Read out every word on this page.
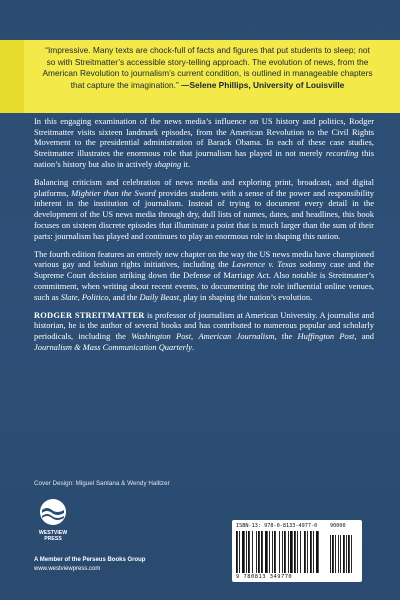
“Impressive. Many texts are chock-full of facts and figures that put students to sleep; not so with Streitmatter’s accessible story-telling approach. The evolution of news, from the American Revolution to journalism’s current condition, is outlined in manageable chapters that capture the imagination.” —Selene Phillips, University of Louisville

In this engaging examination of the news media’s influence on US history and politics, Rodger Streitmatter visits sixteen landmark episodes, from the American Revolution to the Civil Rights Movement to the presidential administration of Barack Obama. In each of these case studies, Streitmatter illustrates the enormous role that journalism has played in not merely recording this nation’s history but also in actively shaping it.

Balancing criticism and celebration of news media and exploring print, broadcast, and digital platforms, Mightier than the Sword provides students with a sense of the power and responsibility inherent in the institution of journalism. Instead of trying to document every detail in the development of the US news media through dry, dull lists of names, dates, and headlines, this book focuses on sixteen discrete episodes that illuminate a point that is much larger than the sum of their parts: journalism has played and continues to play an enormous role in shaping this nation.

The fourth edition features an entirely new chapter on the way the US news media have championed various gay and lesbian rights initiatives, including the Lawrence v. Texas sodomy case and the Supreme Court decision striking down the Defense of Marriage Act. Also notable is Streitmatter’s commitment, when writing about recent events, to documenting the role influential online venues, such as Slate, Politico, and the Daily Beast, play in shaping the nation’s evolution.

RODGER STREITMATTER is professor of journalism at American University. A journalist and historian, he is the author of several books and has contributed to numerous popular and scholarly periodicals, including the Washington Post, American Journalism, the Huffington Post, and Journalism & Mass Communication Quarterly.

Cover Design: Miguel Santana & Wendy Halitzer
WESTVIEW
PRESS
A Member of the Perseus Books Group
www.westviewpress.com
ISBN-13: 978-0-8133-4977-0 90000
9 780813 349770
